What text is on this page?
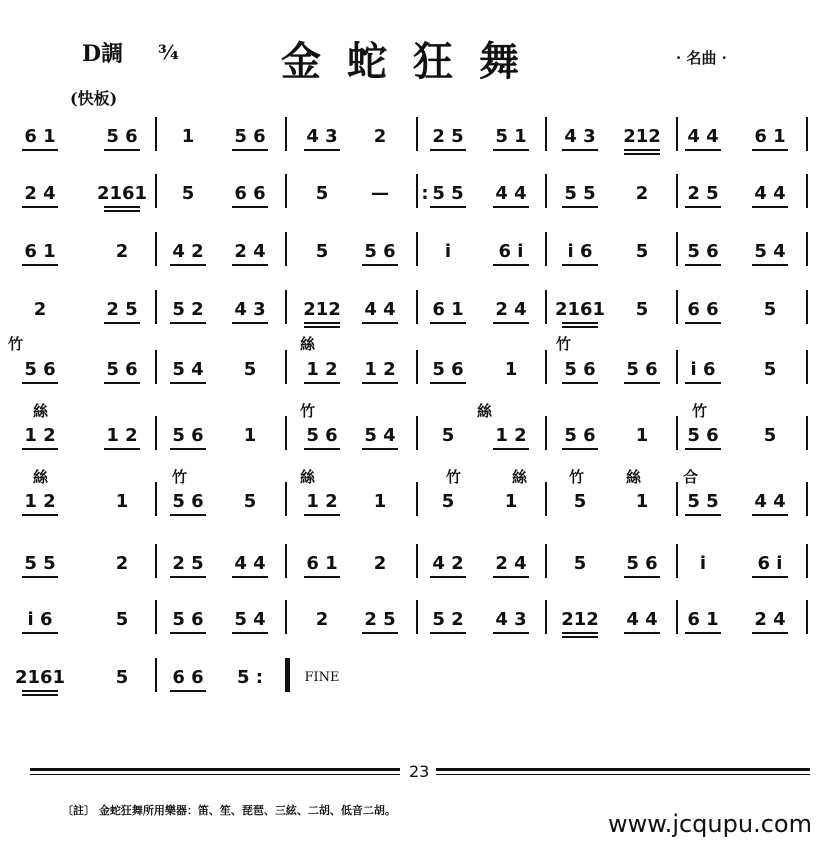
D調 ¾	金蛇狂舞	· 名曲 ·
(快板)
6 1	5 6	1	5 6	4 3	2	2 5	5 1	4 3	212	4 4	6 1
2 4	2161	5	6 6	5	—	: 5 5	4 4	5 5	2	2 5	4 4
6 1	2	4 2	2 4	5	5 6	i	6 i	i 6	5	5 6	5 4
2	2 5	5 2	4 3	212	4 4	6 1	2 4	2161	5	6 6	5
5 6	5 6	5 4	5	1 2	1 2	5 6	1	5 6	5 6	i 6	5
1 2	1 2	5 6	1	5 6	5 4	5	1 2	5 6	1	5 6	5
1 2	1	5 6	5	1 2	1	5	1	5	1	5 5	4 4
5 5	2	2 5	4 4	6 1	2	4 2	2 4	5	5 6	i	6 i
i 6	5	5 6	5 4	2	2 5	5 2	4 3	212	4 4	6 1	2 4
2161	5	6 6	5 :	FINE
竹	絲	竹
絲	竹	絲	竹
絲	竹	絲	竹	絲	竹	絲	合
23
〔註〕 金蛇狂舞所用樂器：笛、笙、琵琶、三絃、二胡、低音二胡。	www.jcqupu.com
